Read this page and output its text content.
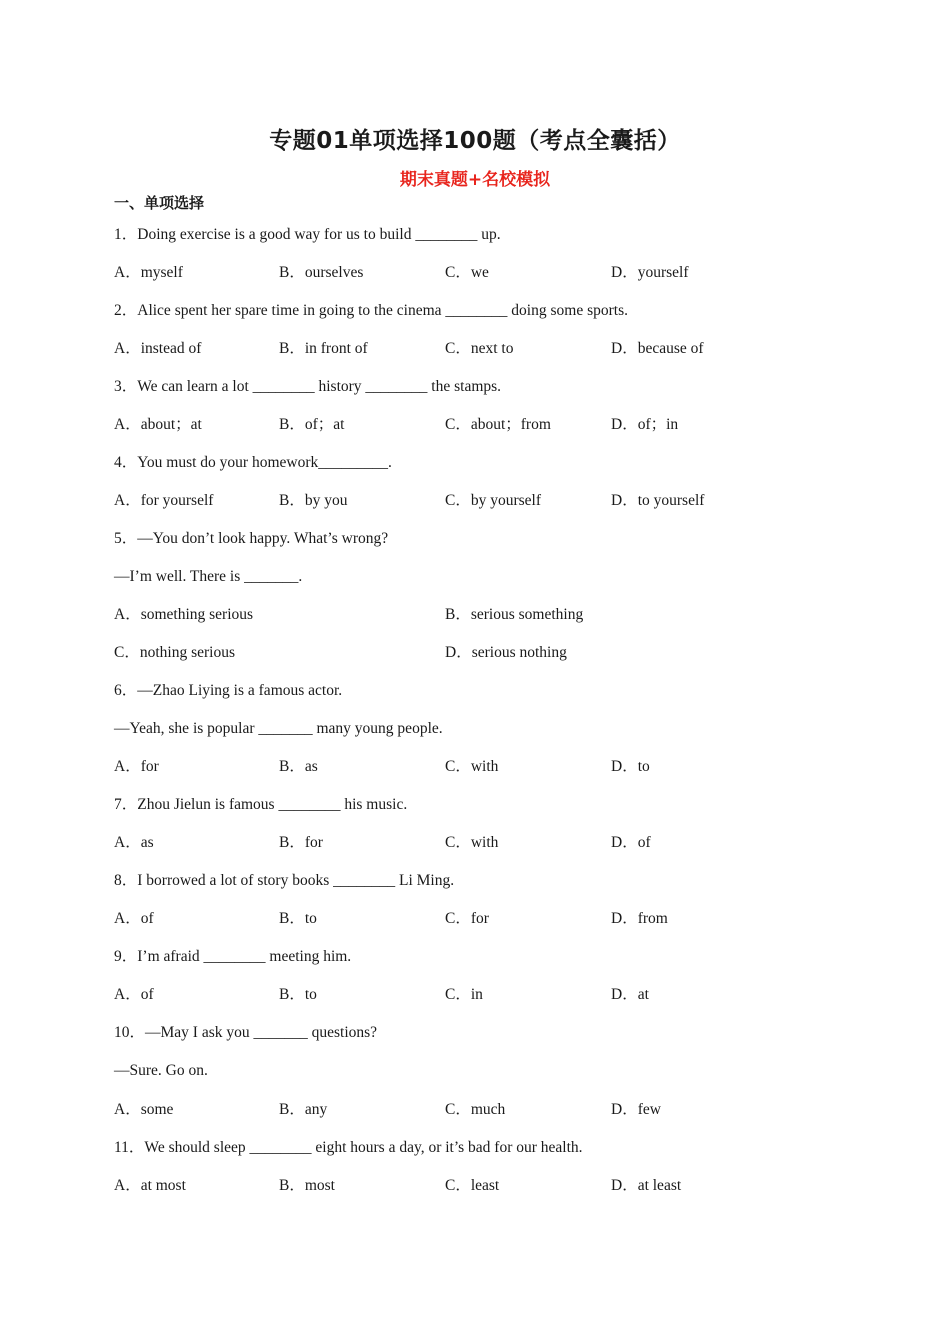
专题01单项选择100题（考点全囊括）
期末真题+名校模拟
一、单项选择
1．Doing exercise is a good way for us to build ________ up.
A．myself	B．ourselves	C．we	D．yourself
2．Alice spent her spare time in going to the cinema ________ doing some sports.
A．instead of	B．in front of	C．next to	D．because of
3．We can learn a lot ________ history ________ the stamps.
A．about；at	B．of；at	C．about；from	D．of；in
4．You must do your homework_________.
A．for yourself	B．by you	C．by yourself	D．to yourself
5．—You don’t look happy. What’s wrong?
—I’m well. There is _______.
A．something serious	B．serious something
C．nothing serious	D．serious nothing
6．—Zhao Liying is a famous actor.
—Yeah, she is popular _______ many young people.
A．for	B．as	C．with	D．to
7．Zhou Jielun is famous ________ his music.
A．as	B．for	C．with	D．of
8．I borrowed a lot of story books ________ Li Ming.
A．of	B．to	C．for	D．from
9．I’m afraid ________ meeting him.
A．of	B．to	C．in	D．at
10．—May I ask you _______ questions?
—Sure. Go on.
A．some	B．any	C．much	D．few
11．We should sleep ________ eight hours a day, or it’s bad for our health.
A．at most	B．most	C．least	D．at least
